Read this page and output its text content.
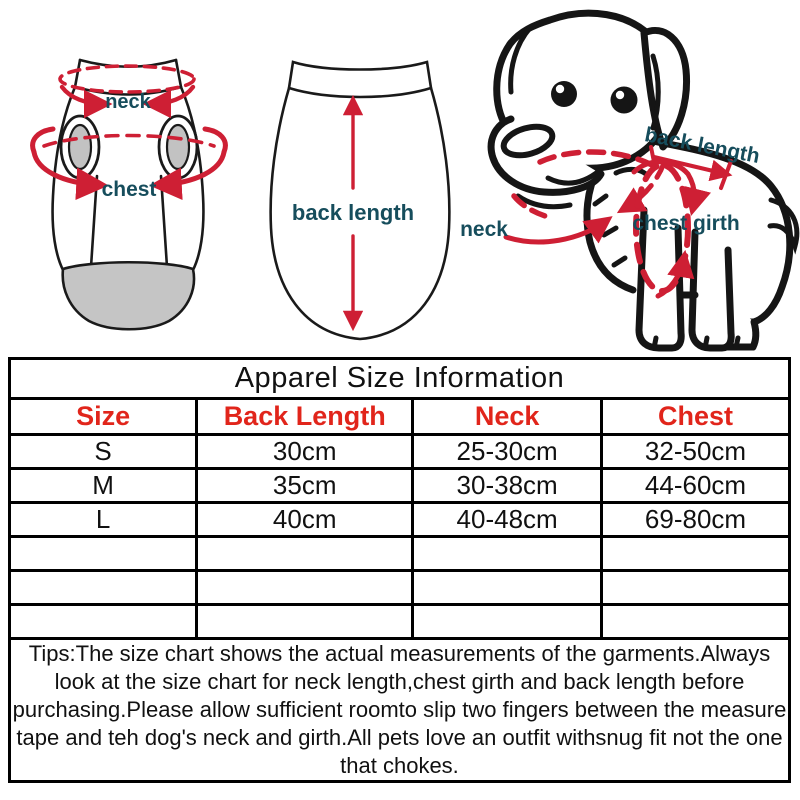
neck
chest
back length
neck
back length
chest girth
Apparel Size Information			
Size	Back Length	Neck	Chest
S	30cm	25-30cm	32-50cm
M	35cm	30-38cm	44-60cm
L	40cm	40-48cm	69-80cm

Tips:The size chart shows the actual measurements of the garments.Always look at the size chart for neck length,chest girth and back length before purchasing.Please allow sufficient roomto slip two fingers between the measure tape and teh dog's neck and girth.All pets love an outfit withsnug fit not the one that chokes.			
